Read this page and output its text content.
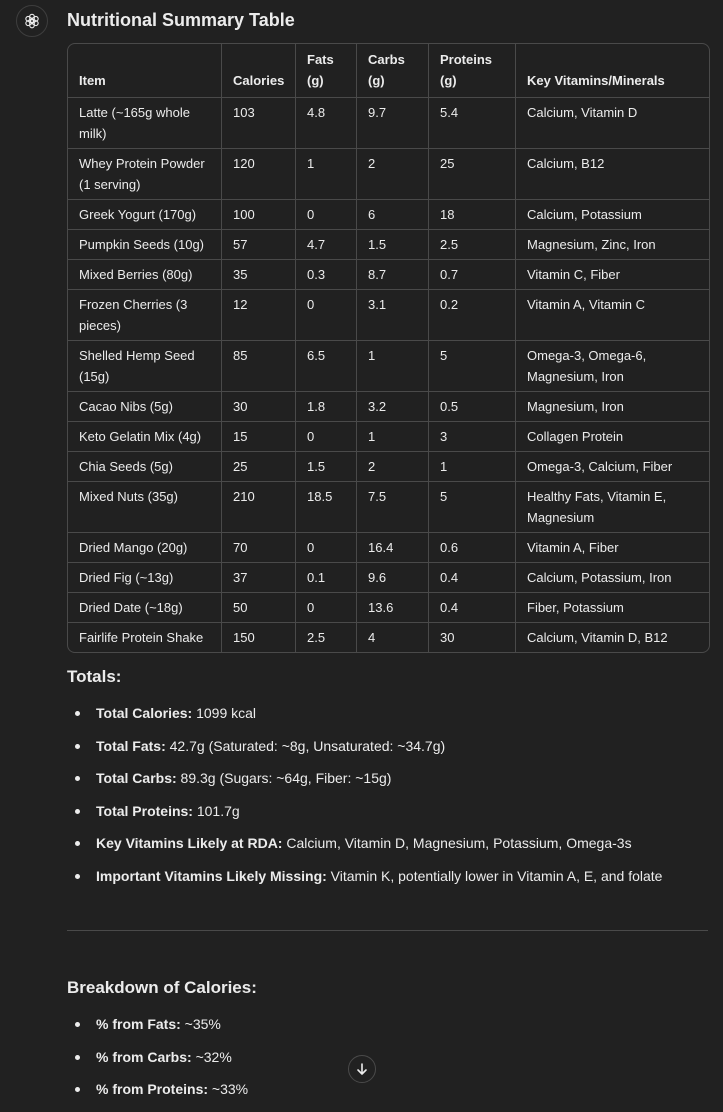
Nutritional Summary Table
Item	Calories	Fats (g)	Carbs (g)	Proteins (g)	Key Vitamins/Minerals
Latte (~165g whole milk)	103	4.8	9.7	5.4	Calcium, Vitamin D
Whey Protein Powder (1 serving)	120	1	2	25	Calcium, B12
Greek Yogurt (170g)	100	0	6	18	Calcium, Potassium
Pumpkin Seeds (10g)	57	4.7	1.5	2.5	Magnesium, Zinc, Iron
Mixed Berries (80g)	35	0.3	8.7	0.7	Vitamin C, Fiber
Frozen Cherries (3 pieces)	12	0	3.1	0.2	Vitamin A, Vitamin C
Shelled Hemp Seed (15g)	85	6.5	1	5	Omega-3, Omega-6, Magnesium, Iron
Cacao Nibs (5g)	30	1.8	3.2	0.5	Magnesium, Iron
Keto Gelatin Mix (4g)	15	0	1	3	Collagen Protein
Chia Seeds (5g)	25	1.5	2	1	Omega-3, Calcium, Fiber
Mixed Nuts (35g)	210	18.5	7.5	5	Healthy Fats, Vitamin E, Magnesium
Dried Mango (20g)	70	0	16.4	0.6	Vitamin A, Fiber
Dried Fig (~13g)	37	0.1	9.6	0.4	Calcium, Potassium, Iron
Dried Date (~18g)	50	0	13.6	0.4	Fiber, Potassium
Fairlife Protein Shake	150	2.5	4	30	Calcium, Vitamin D, B12
Totals:
Total Calories: 1099 kcal
Total Fats: 42.7g (Saturated: ~8g, Unsaturated: ~34.7g)
Total Carbs: 89.3g (Sugars: ~64g, Fiber: ~15g)
Total Proteins: 101.7g
Key Vitamins Likely at RDA: Calcium, Vitamin D, Magnesium, Potassium, Omega-3s
Important Vitamins Likely Missing: Vitamin K, potentially lower in Vitamin A, E, and folate
Breakdown of Calories:
% from Fats: ~35%
% from Carbs: ~32%
% from Proteins: ~33%
